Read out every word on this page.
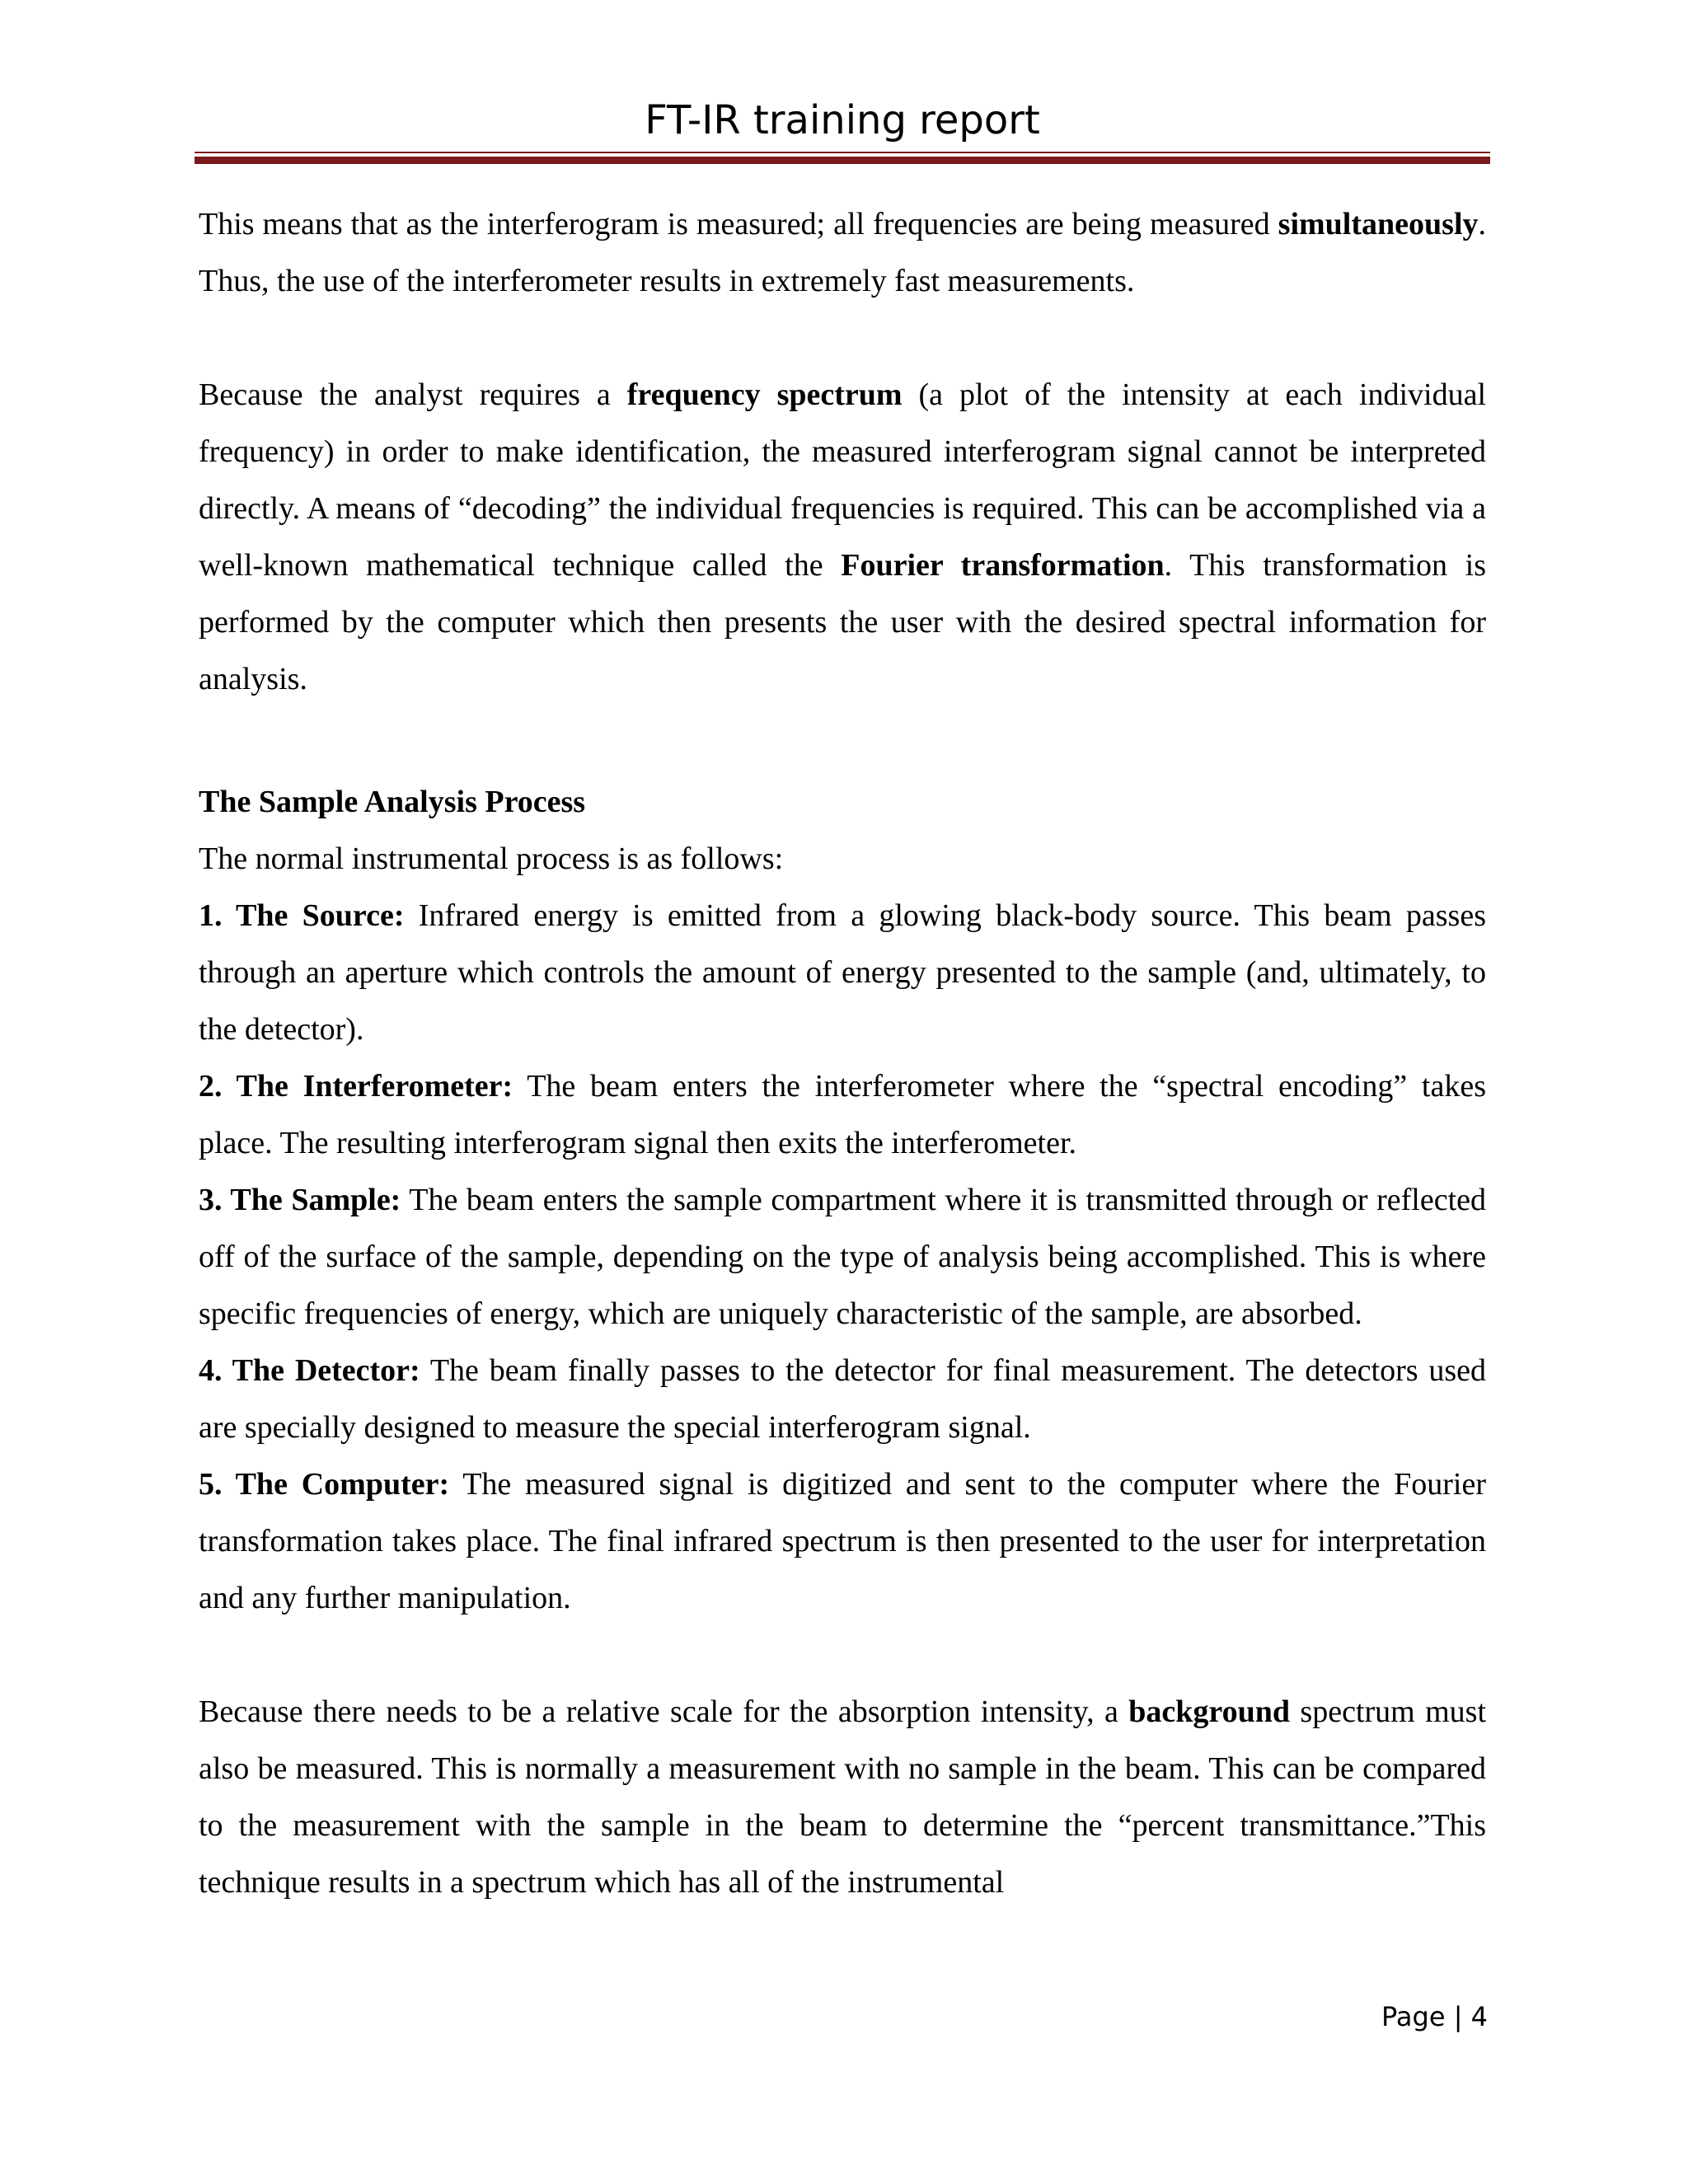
FT-IR training report

This means that as the interferogram is measured; all frequencies are being measured simultaneously. Thus, the use of the interferometer results in extremely fast measurements.

Because the analyst requires a frequency spectrum (a plot of the intensity at each individual frequency) in order to make identification, the measured interferogram signal cannot be interpreted directly. A means of “decoding” the individual frequencies is required. This can be accomplished via a well-known mathematical technique called the Fourier transformation. This transformation is performed by the computer which then presents the user with the desired spectral information for analysis.

The Sample Analysis Process

The normal instrumental process is as follows:

1. The Source: Infrared energy is emitted from a glowing black-body source. This beam passes through an aperture which controls the amount of energy presented to the sample (and, ultimately, to the detector).

2. The Interferometer: The beam enters the interferometer where the “spectral encoding” takes place. The resulting interferogram signal then exits the interferometer.

3. The Sample: The beam enters the sample compartment where it is transmitted through or reflected off of the surface of the sample, depending on the type of analysis being accomplished. This is where specific frequencies of energy, which are uniquely characteristic of the sample, are absorbed.

4. The Detector: The beam finally passes to the detector for final measurement. The detectors used are specially designed to measure the special interferogram signal.

5. The Computer: The measured signal is digitized and sent to the computer where the Fourier transformation takes place. The final infrared spectrum is then presented to the user for interpretation and any further manipulation.

Because there needs to be a relative scale for the absorption intensity, a background spectrum must also be measured. This is normally a measurement with no sample in the beam. This can be compared to the measurement with the sample in the beam to determine the “percent transmittance.”This technique results in a spectrum which has all of the instrumental

Page | 4
